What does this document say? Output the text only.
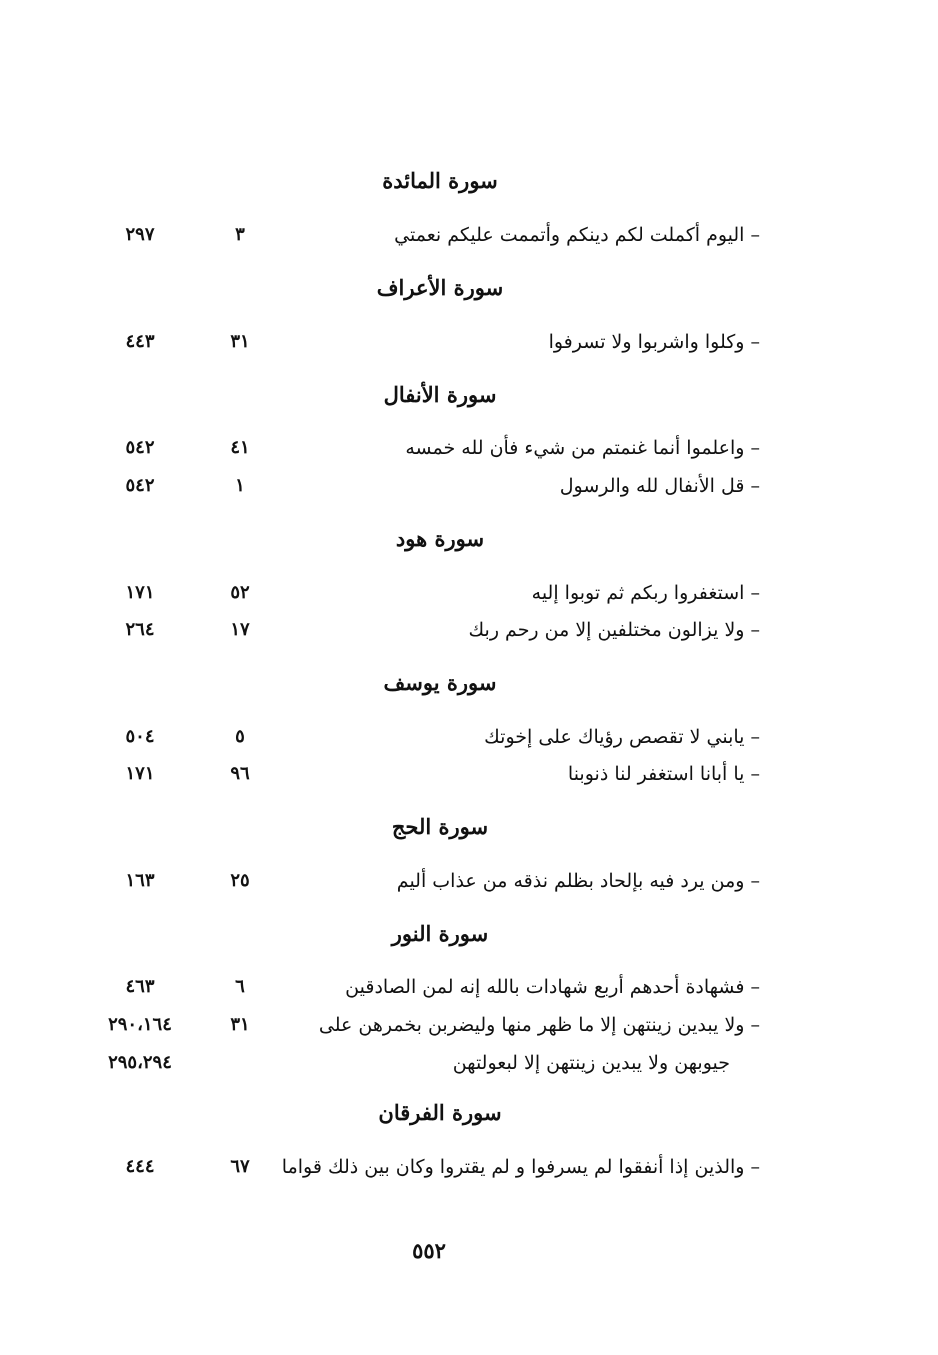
سورة المائدة
– اليوم أكملت لكم دينكم وأتممت عليكم نعمتي
٣
٢٩٧
سورة الأعراف
– وكلوا واشربوا ولا تسرفوا
٣١
٤٤٣
سورة الأنفال
– واعلموا أنما غنمتم من شيء فأن لله خمسه
٤١
٥٤٢
– قل الأنفال لله والرسول
١
٥٤٢
سورة هود
– استغفروا ربكم ثم توبوا إليه
٥٢
١٧١
– ولا يزالون مختلفين إلا من رحم ربك
١٧
٢٦٤
سورة يوسف
– يابني لا تقصص رؤياك على إخوتك
٥
٥٠٤
– يا أبانا استغفر لنا ذنوبنا
٩٦
١٧١
سورة الحج
– ومن يرد فيه بإلحاد بظلم نذقه من عذاب أليم
٢٥
١٦٣
سورة النور
– فشهادة أحدهم أربع شهادات بالله إنه لمن الصادقين
٦
٤٦٣
– ولا يبدين زينتهن إلا ما ظهر منها وليضربن بخمرهن على
٣١
٢٩٠،١٦٤
جيوبهن ولا يبدين زينتهن إلا لبعولتهن
٢٩٥،٢٩٤
سورة الفرقان
– والذين إذا أنفقوا لم يسرفوا و لم يقتروا وكان بين ذلك قواما
٦٧
٤٤٤
٥٥٢
